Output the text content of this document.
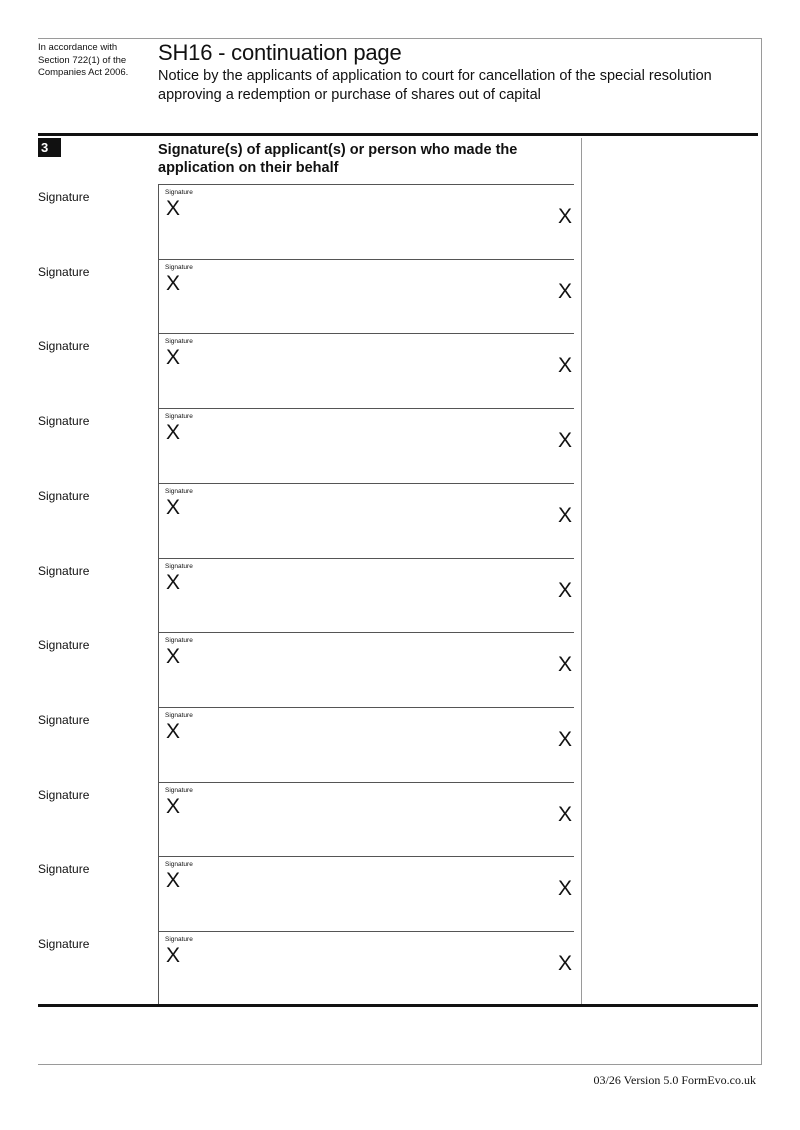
In accordance with
Section 722(1) of the
Companies Act 2006.
SH16 - continuation page
Notice by the applicants of application to court for cancellation of the special resolution approving a redemption or purchase of shares out of capital
3	Signature(s) of applicant(s) or person who made the application on their behalf
Signature	Signature
X	X
Signature	Signature
X	X
Signature	Signature
X	X
Signature	Signature
X	X
Signature	Signature
X	X
Signature	Signature
X	X
Signature	Signature
X	X
Signature	Signature
X	X
Signature	Signature
X	X
Signature	Signature
X	X
Signature	Signature
X	X
03/26 Version 5.0 FormEvo.co.uk
